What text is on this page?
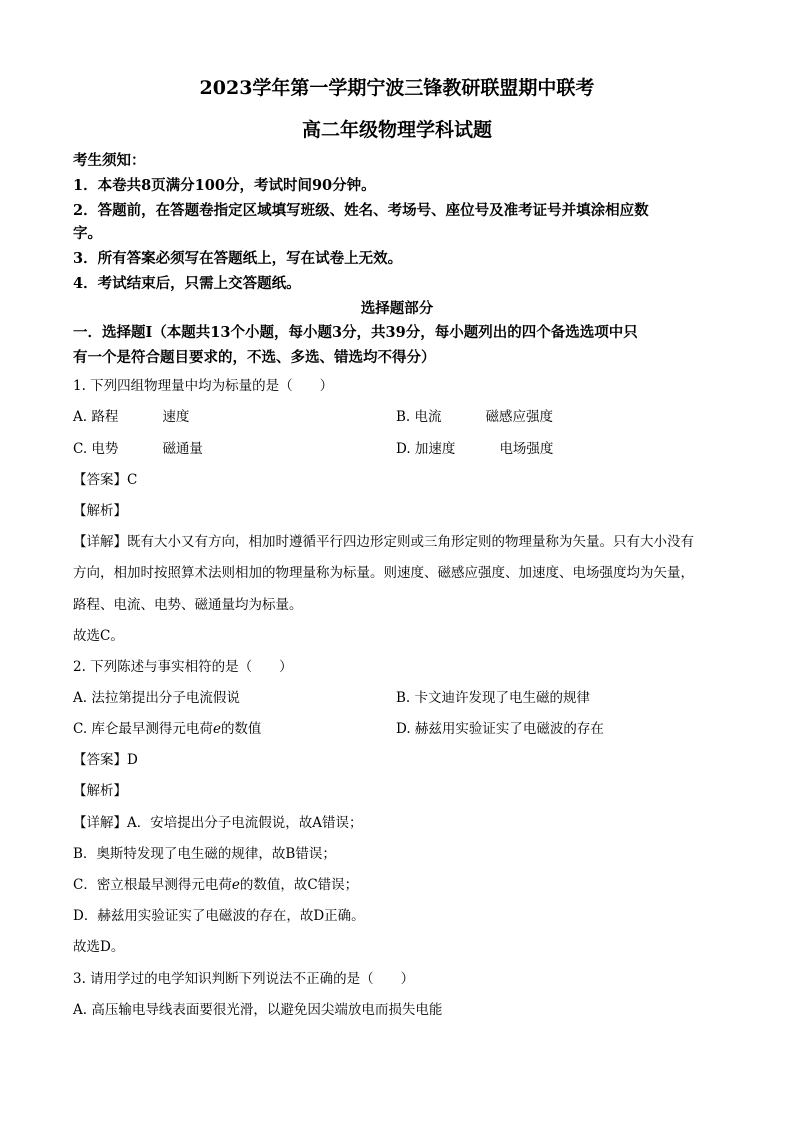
2023学年第一学期宁波三锋教研联盟期中联考
高二年级物理学科试题
考生须知：
1．本卷共8页满分100分，考试时间90分钟。
2．答题前，在答题卷指定区域填写班级、姓名、考场号、座位号及准考证号并填涂相应数
字。
3．所有答案必须写在答题纸上，写在试卷上无效。
4．考试结束后，只需上交答题纸。
选择题部分
一．选择题Ⅰ（本题共13个小题，每小题3分，共39分，每小题列出的四个备选选项中只
有一个是符合题目要求的，不选、多选、错选均不得分）
1. 下列四组物理量中均为标量的是（　　）
A. 路程	速度	B. 电流	磁感应强度
C. 电势	磁通量	D. 加速度	电场强度
【答案】C
【解析】
【详解】既有大小又有方向，相加时遵循平行四边形定则或三角形定则的物理量称为矢量。只有大小没有
方向，相加时按照算术法则相加的物理量称为标量。则速度、磁感应强度、加速度、电场强度均为矢量，
路程、电流、电势、磁通量均为标量。
故选C。
2. 下列陈述与事实相符的是（　　）
A. 法拉第提出分子电流假说	B. 卡文迪许发现了电生磁的规律
C. 库仑最早测得元电荷e的数值	D. 赫兹用实验证实了电磁波的存在
【答案】D
【解析】
【详解】A．安培提出分子电流假说，故A错误；
B．奥斯特发现了电生磁的规律，故B错误；
C．密立根最早测得元电荷e的数值，故C错误；
D．赫兹用实验证实了电磁波的存在，故D正确。
故选D。
3. 请用学过的电学知识判断下列说法不正确的是（　　）
A. 高压输电导线表面要很光滑，以避免因尖端放电而损失电能
